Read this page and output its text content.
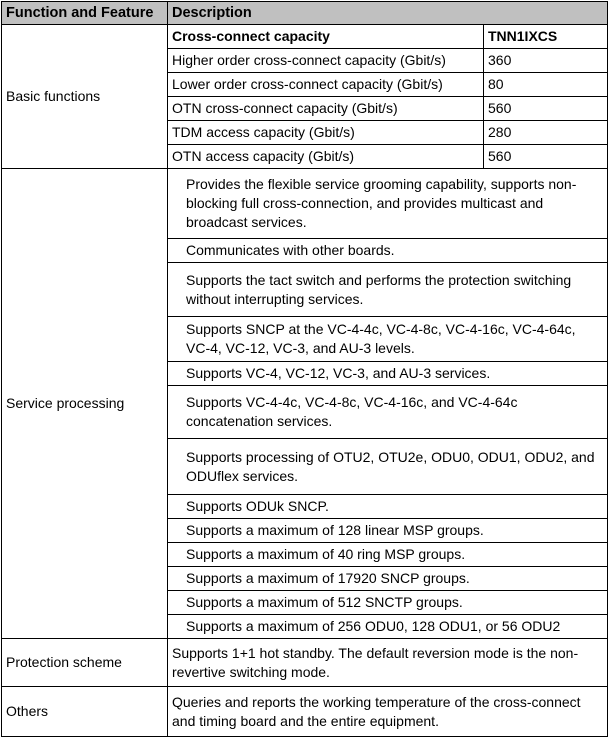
Function and Feature	Description	
Basic functions	Cross-connect capacity	TNN1IXCS
	Higher order cross-connect capacity (Gbit/s)	360
	Lower order cross-connect capacity (Gbit/s)	80
	OTN cross-connect capacity (Gbit/s)	560
	TDM access capacity (Gbit/s)	280
	OTN access capacity (Gbit/s)	560
Service processing	Provides the flexible service grooming capability, supports non-blocking full cross-connection, and provides multicast and broadcast services.	
	Communicates with other boards.	
	Supports the tact switch and performs the protection switching without interrupting services.	
	Supports SNCP at the VC-4-4c, VC-4-8c, VC-4-16c, VC-4-64c, VC-4, VC-12, VC-3, and AU-3 levels.	
	Supports VC-4, VC-12, VC-3, and AU-3 services.	
	Supports VC-4-4c, VC-4-8c, VC-4-16c, and VC-4-64c concatenation services.	
	Supports processing of OTU2, OTU2e, ODU0, ODU1, ODU2, and ODUflex services.	
	Supports ODUk SNCP.	
	Supports a maximum of 128 linear MSP groups.	
	Supports a maximum of 40 ring MSP groups.	
	Supports a maximum of 17920 SNCP groups.	
	Supports a maximum of 512 SNCTP groups.	
	Supports a maximum of 256 ODU0, 128 ODU1, or 56 ODU2	
Protection scheme	Supports 1+1 hot standby. The default reversion mode is the non-revertive switching mode.	
Others	Queries and reports the working temperature of the cross-connect and timing board and the entire equipment.	
